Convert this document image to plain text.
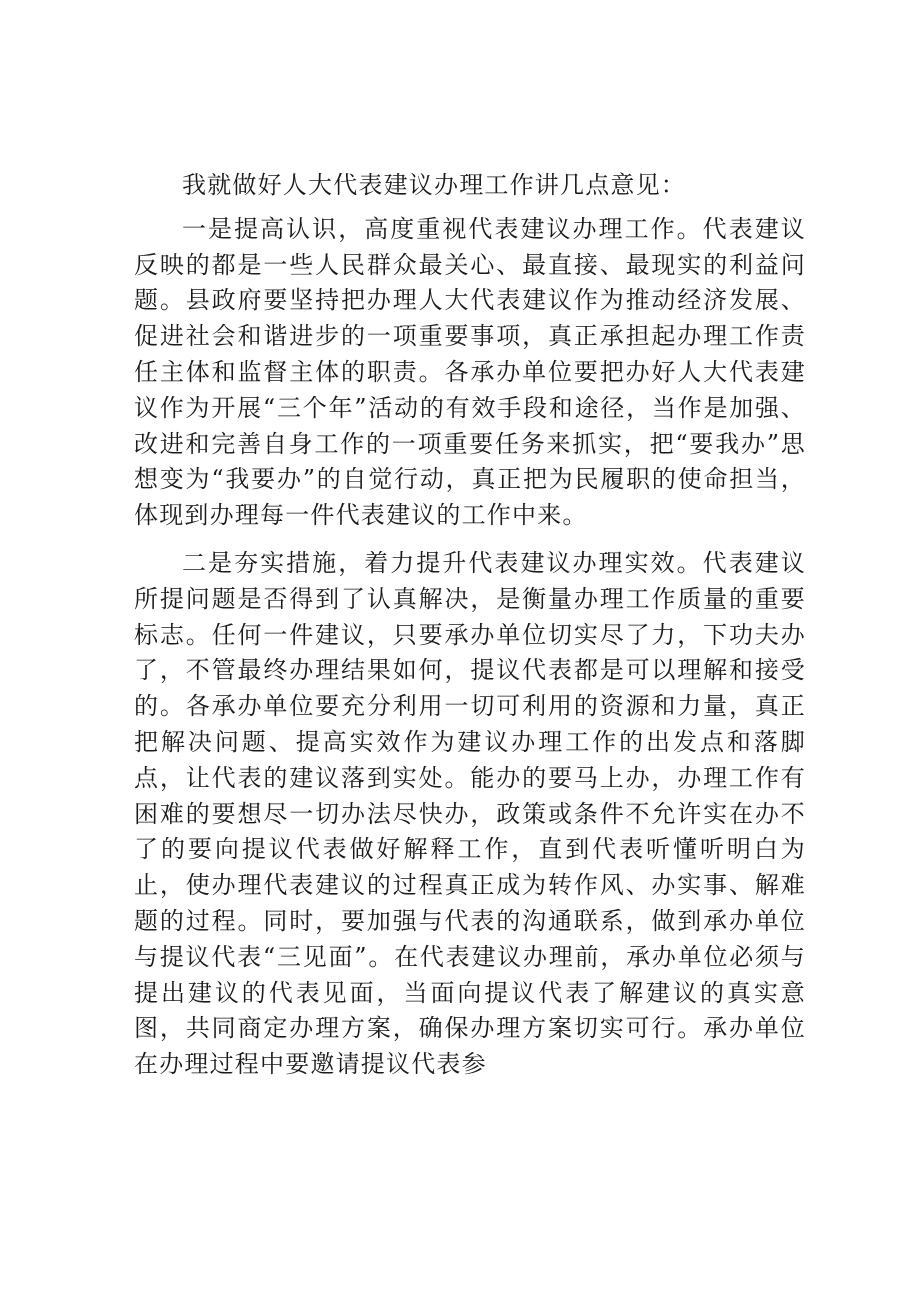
我就做好人大代表建议办理工作讲几点意见：

一是提高认识，高度重视代表建议办理工作。代表建议反映的都是一些人民群众最关心、最直接、最现实的利益问题。县政府要坚持把办理人大代表建议作为推动经济发展、促进社会和谐进步的一项重要事项，真正承担起办理工作责任主体和监督主体的职责。各承办单位要把办好人大代表建议作为开展“三个年”活动的有效手段和途径，当作是加强、改进和完善自身工作的一项重要任务来抓实，把“要我办”思想变为“我要办”的自觉行动，真正把为民履职的使命担当，体现到办理每一件代表建议的工作中来。

二是夯实措施，着力提升代表建议办理实效。代表建议所提问题是否得到了认真解决，是衡量办理工作质量的重要标志。任何一件建议，只要承办单位切实尽了力，下功夫办了，不管最终办理结果如何，提议代表都是可以理解和接受的。各承办单位要充分利用一切可利用的资源和力量，真正把解决问题、提高实效作为建议办理工作的出发点和落脚点，让代表的建议落到实处。能办的要马上办，办理工作有困难的要想尽一切办法尽快办，政策或条件不允许实在办不了的要向提议代表做好解释工作，直到代表听懂听明白为止，使办理代表建议的过程真正成为转作风、办实事、解难题的过程。同时，要加强与代表的沟通联系，做到承办单位与提议代表“三见面”。在代表建议办理前，承办单位必须与提出建议的代表见面，当面向提议代表了解建议的真实意图，共同商定办理方案，确保办理方案切实可行。承办单位在办理过程中要邀请提议代表参
